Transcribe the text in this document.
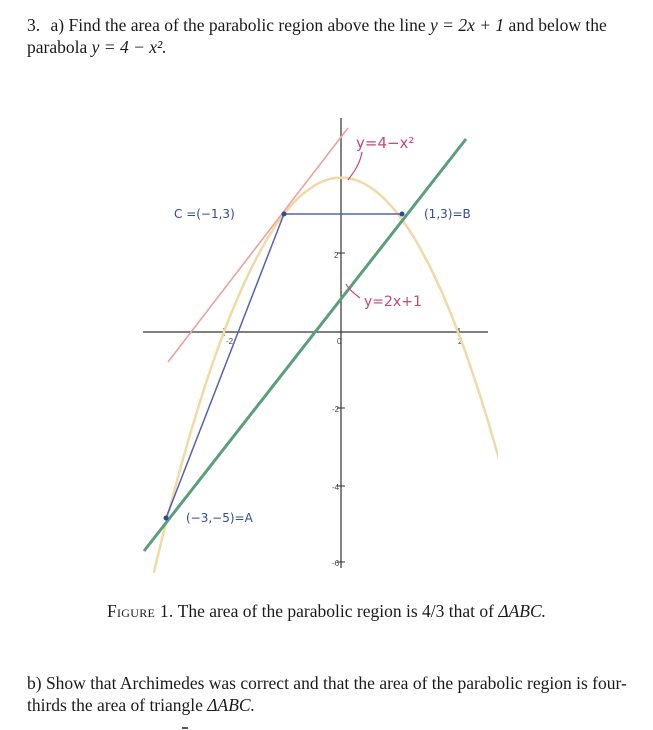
3. a) Find the area of the parabolic region above the line y = 2x + 1 and below the parabola y = 4 − x².
-2	0	2
2
-2
-4
-6
y=4−x²
y=2x+1
C =(−1,3)	(1,3)=B
(−3,−5)=A
Figure 1. The area of the parabolic region is 4/3 that of ΔABC.
b) Show that Archimedes was correct and that the area of the parabolic region is four-thirds the area of triangle ΔABC.
